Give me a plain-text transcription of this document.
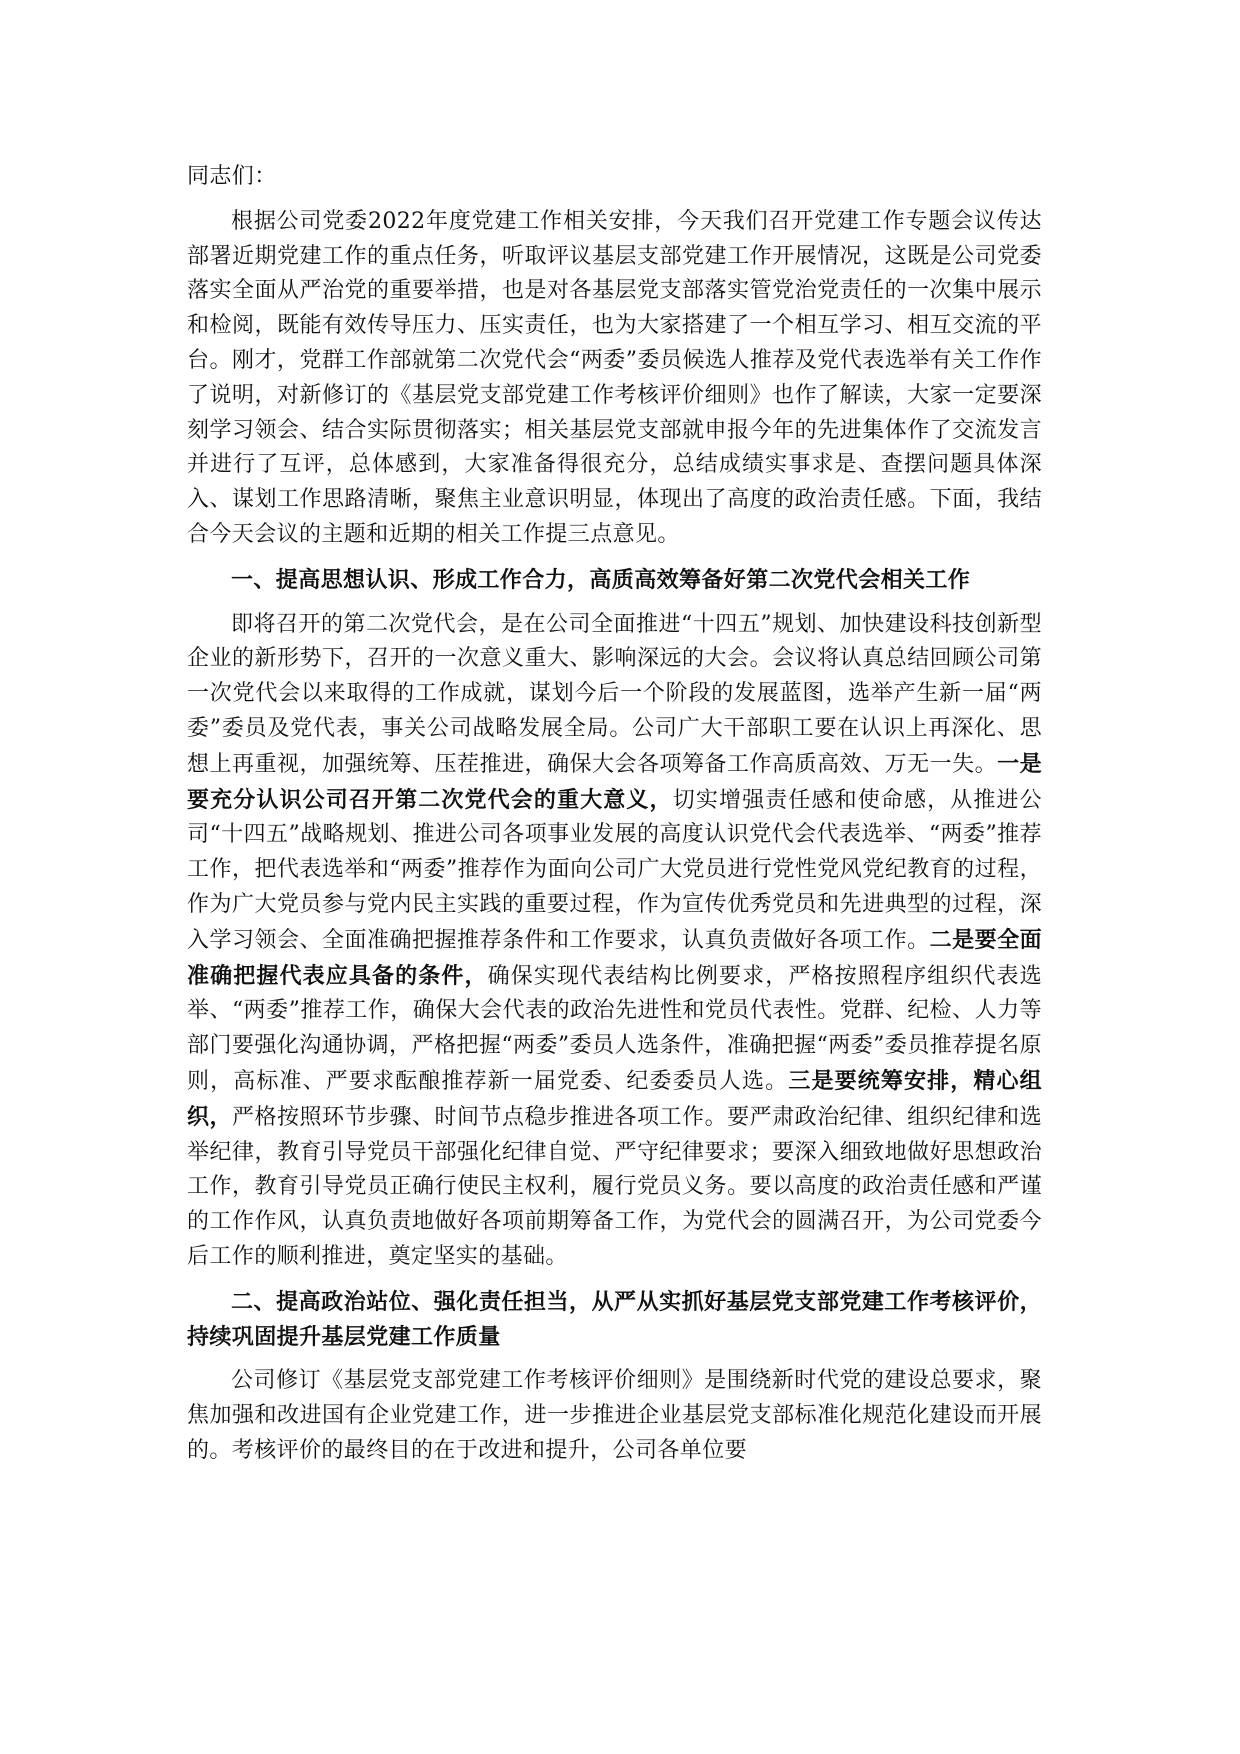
同志们：

根据公司党委2022年度党建工作相关安排，今天我们召开党建工作专题会议传达部署近期党建工作的重点任务，听取评议基层支部党建工作开展情况，这既是公司党委落实全面从严治党的重要举措，也是对各基层党支部落实管党治党责任的一次集中展示和检阅，既能有效传导压力、压实责任，也为大家搭建了一个相互学习、相互交流的平台。刚才，党群工作部就第二次党代会“两委”委员候选人推荐及党代表选举有关工作作了说明，对新修订的《基层党支部党建工作考核评价细则》也作了解读，大家一定要深刻学习领会、结合实际贯彻落实；相关基层党支部就申报今年的先进集体作了交流发言并进行了互评，总体感到，大家准备得很充分，总结成绩实事求是、查摆问题具体深入、谋划工作思路清晰，聚焦主业意识明显，体现出了高度的政治责任感。下面，我结合今天会议的主题和近期的相关工作提三点意见。

一、提高思想认识、形成工作合力，高质高效筹备好第二次党代会相关工作

即将召开的第二次党代会，是在公司全面推进“十四五”规划、加快建设科技创新型企业的新形势下，召开的一次意义重大、影响深远的大会。会议将认真总结回顾公司第一次党代会以来取得的工作成就，谋划今后一个阶段的发展蓝图，选举产生新一届“两委”委员及党代表，事关公司战略发展全局。公司广大干部职工要在认识上再深化、思想上再重视，加强统筹、压茬推进，确保大会各项筹备工作高质高效、万无一失。一是要充分认识公司召开第二次党代会的重大意义，切实增强责任感和使命感，从推进公司“十四五”战略规划、推进公司各项事业发展的高度认识党代会代表选举、“两委”推荐工作，把代表选举和“两委”推荐作为面向公司广大党员进行党性党风党纪教育的过程，作为广大党员参与党内民主实践的重要过程，作为宣传优秀党员和先进典型的过程，深入学习领会、全面准确把握推荐条件和工作要求，认真负责做好各项工作。二是要全面准确把握代表应具备的条件，确保实现代表结构比例要求，严格按照程序组织代表选举、“两委”推荐工作，确保大会代表的政治先进性和党员代表性。党群、纪检、人力等部门要强化沟通协调，严格把握“两委”委员人选条件，准确把握“两委”委员推荐提名原则，高标准、严要求酝酿推荐新一届党委、纪委委员人选。三是要统筹安排，精心组织，严格按照环节步骤、时间节点稳步推进各项工作。要严肃政治纪律、组织纪律和选举纪律，教育引导党员干部强化纪律自觉、严守纪律要求；要深入细致地做好思想政治工作，教育引导党员正确行使民主权利，履行党员义务。要以高度的政治责任感和严谨的工作作风，认真负责地做好各项前期筹备工作，为党代会的圆满召开，为公司党委今后工作的顺利推进，奠定坚实的基础。

二、提高政治站位、强化责任担当，从严从实抓好基层党支部党建工作考核评价，持续巩固提升基层党建工作质量

公司修订《基层党支部党建工作考核评价细则》是围绕新时代党的建设总要求，聚焦加强和改进国有企业党建工作，进一步推进企业基层党支部标准化规范化建设而开展的。考核评价的最终目的在于改进和提升，公司各单位要
